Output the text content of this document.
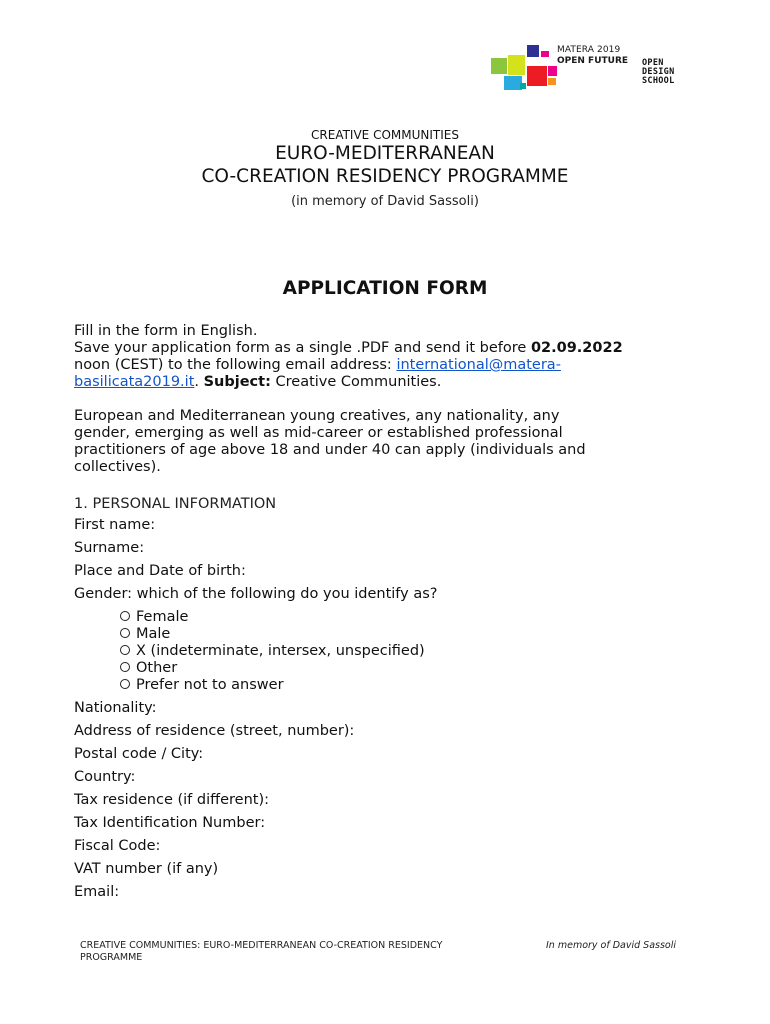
MATERA 2019
OPEN FUTURE OPEN
DESIGN
SCHOOL
CREATIVE COMMUNITIES
EURO-MEDITERRANEAN
CO-CREATION RESIDENCY PROGRAMME
(in memory of David Sassoli)
APPLICATION FORM
Fill in the form in English.
Save your application form as a single .PDF and send it before 02.09.2022
noon (CEST) to the following email address: international@matera-
basilicata2019.it. Subject: Creative Communities.
European and Mediterranean young creatives, any nationality, any
gender, emerging as well as mid-career or established professional
practitioners of age above 18 and under 40 can apply (individuals and
collectives).
1. PERSONAL INFORMATION
First name:
Surname:
Place and Date of birth:
Gender: which of the following do you identify as?
Female
Male
X (indeterminate, intersex, unspecified)
Other
Prefer not to answer
Nationality:
Address of residence (street, number):
Postal code / City:
Country:
Tax residence (if different):
Tax Identification Number:
Fiscal Code:
VAT number (if any)
Email:
CREATIVE COMMUNITIES: EURO-MEDITERRANEAN CO-CREATION RESIDENCY PROGRAMME
In memory of David Sassoli
